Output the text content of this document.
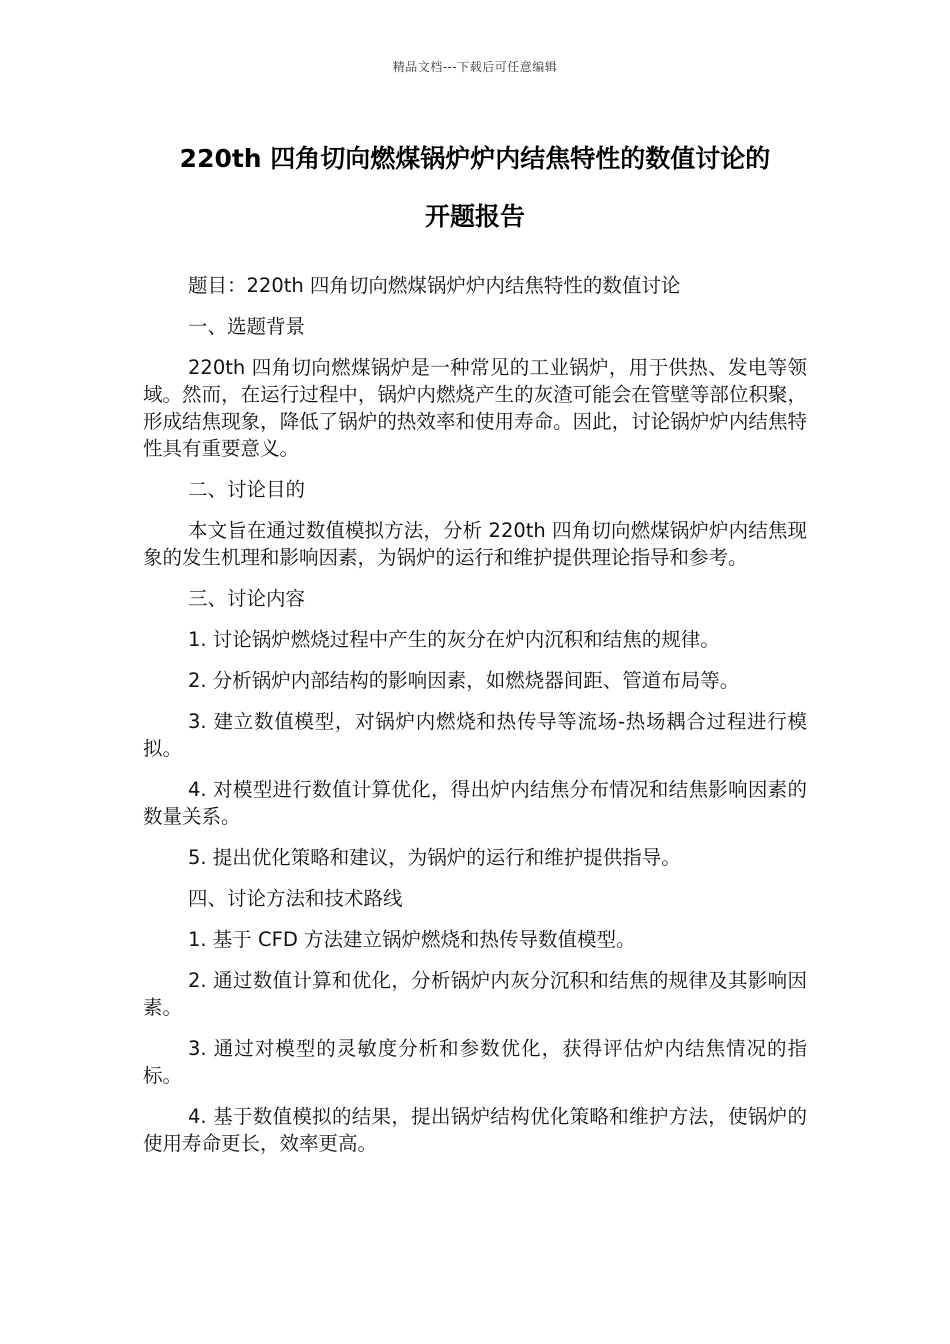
精品文档---下载后可任意编辑
220th 四角切向燃煤锅炉炉内结焦特性的数值讨论的
开题报告

题目：220th 四角切向燃煤锅炉炉内结焦特性的数值讨论

一、选题背景

220th 四角切向燃煤锅炉是一种常见的工业锅炉，用于供热、发电等领域。然而，在运行过程中，锅炉内燃烧产生的灰渣可能会在管壁等部位积聚，形成结焦现象，降低了锅炉的热效率和使用寿命。因此，讨论锅炉炉内结焦特性具有重要意义。

二、讨论目的

本文旨在通过数值模拟方法，分析 220th 四角切向燃煤锅炉炉内结焦现象的发生机理和影响因素，为锅炉的运行和维护提供理论指导和参考。

三、讨论内容

1. 讨论锅炉燃烧过程中产生的灰分在炉内沉积和结焦的规律。

2. 分析锅炉内部结构的影响因素，如燃烧器间距、管道布局等。

3. 建立数值模型，对锅炉内燃烧和热传导等流场-热场耦合过程进行模拟。

4. 对模型进行数值计算优化，得出炉内结焦分布情况和结焦影响因素的数量关系。

5. 提出优化策略和建议，为锅炉的运行和维护提供指导。

四、讨论方法和技术路线

1. 基于 CFD 方法建立锅炉燃烧和热传导数值模型。

2. 通过数值计算和优化，分析锅炉内灰分沉积和结焦的规律及其影响因素。

3. 通过对模型的灵敏度分析和参数优化，获得评估炉内结焦情况的指标。

4. 基于数值模拟的结果，提出锅炉结构优化策略和维护方法，使锅炉的使用寿命更长，效率更高。
